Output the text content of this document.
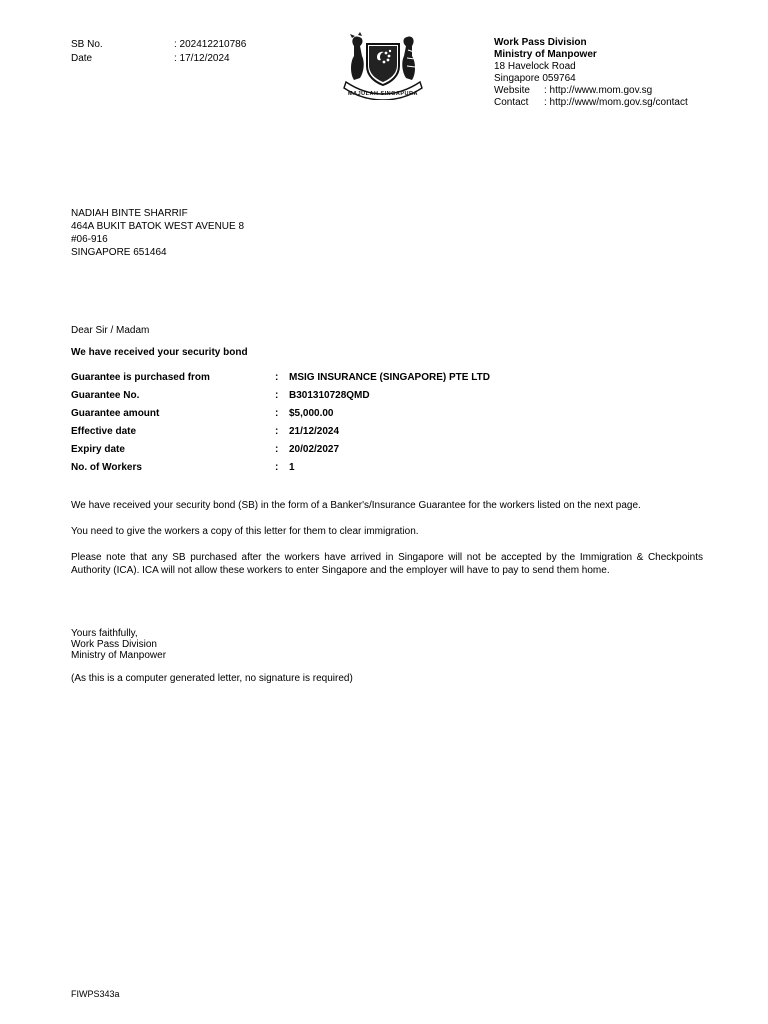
SB No.	: 202412210786
Date	: 17/12/2024
MAJULAH SINGAPURA
Work Pass Division
Ministry of Manpower
18 Havelock Road
Singapore 059764
Website : http://www.mom.gov.sg
Contact : http://www/mom.gov.sg/contact
NADIAH BINTE SHARRIF
464A BUKIT BATOK WEST AVENUE 8
#06-916
SINGAPORE 651464
Dear Sir / Madam
We have received your security bond
Guarantee is purchased from	: MSIG INSURANCE (SINGAPORE) PTE LTD
Guarantee No.	: B301310728QMD
Guarantee amount	: $5,000.00
Effective date	: 21/12/2024
Expiry date	: 20/02/2027
No. of Workers	: 1
We have received your security bond (SB) in the form of a Banker's/Insurance Guarantee for the workers listed on the next page.
You need to give the workers a copy of this letter for them to clear immigration.
Please note that any SB purchased after the workers have arrived in Singapore will not be accepted by the Immigration & Checkpoints Authority (ICA). ICA will not allow these workers to enter Singapore and the employer will have to pay to send them home.
Yours faithfully,
Work Pass Division
Ministry of Manpower
(As this is a computer generated letter, no signature is required)
FIWPS343a
